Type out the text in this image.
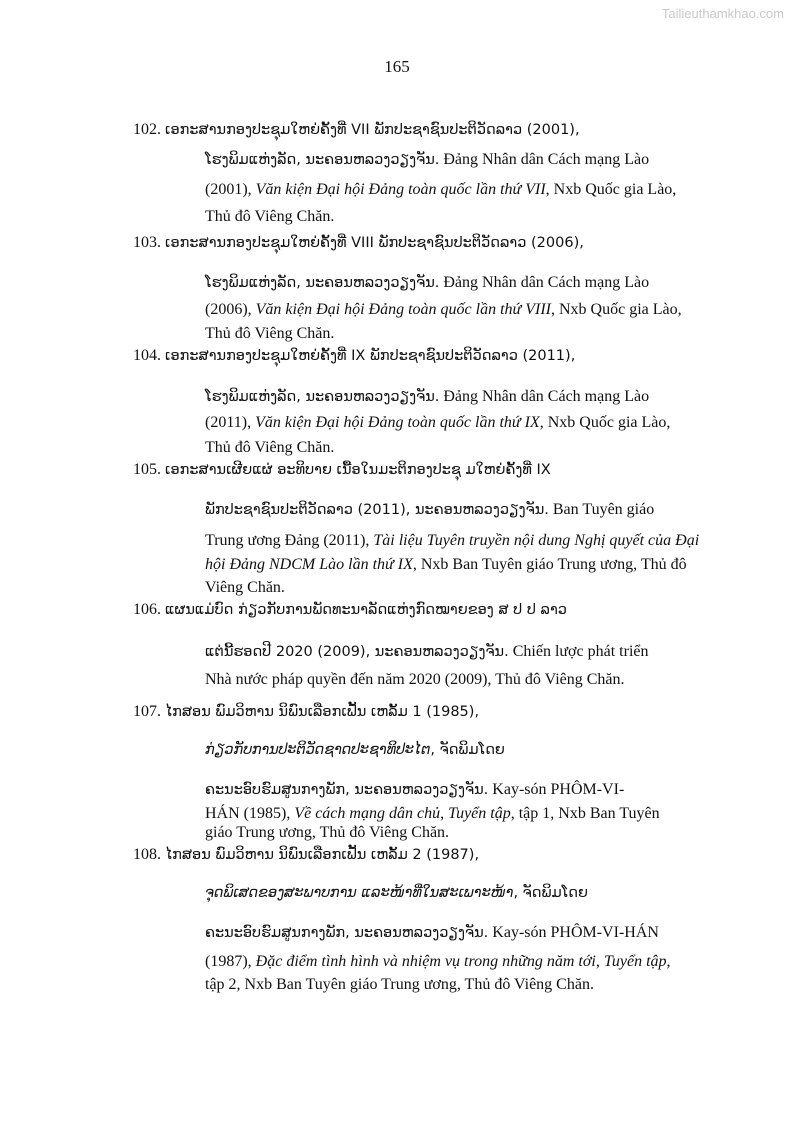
Tailieuthamkhao.com
165
102. ເອກະສານກອງປະຊຸມໃຫຍ່ຄັ້ງທີ່ VII ພັກປະຊາຊົນປະຕິວັດລາວ (2001),
ໂຮງພິມແຫ່ງລັດ, ນະຄອນຫລວງວຽງຈັນ. Đảng Nhân dân Cách mạng Lào
(2001), Văn kiện Đại hội Đảng toàn quốc lần thứ VII, Nxb Quốc gia Lào,
Thủ đô Viêng Chăn.
103. ເອກະສານກອງປະຊຸມໃຫຍ່ຄັ້ງທີ່ VIII ພັກປະຊາຊົນປະຕິວັດລາວ (2006),
ໂຮງພິມແຫ່ງລັດ, ນະຄອນຫລວງວຽງຈັນ. Đảng Nhân dân Cách mạng Lào
(2006), Văn kiện Đại hội Đảng toàn quốc lần thứ VIII, Nxb Quốc gia Lào,
Thủ đô Viêng Chăn.
104. ເອກະສານກອງປະຊຸມໃຫຍ່ຄັ້ງທີ່ IX ພັກປະຊາຊົນປະຕິວັດລາວ (2011),
ໂຮງພິມແຫ່ງລັດ, ນະຄອນຫລວງວຽງຈັນ. Đảng Nhân dân Cách mạng Lào
(2011), Văn kiện Đại hội Đảng toàn quốc lần thứ IX, Nxb Quốc gia Lào,
Thủ đô Viêng Chăn.
105. ເອກະສານເຜີຍແຜ່ ອະທິບາຍ ເນື້ອໃນມະຕິກອງປະຊຸ ມໃຫຍ່ຄັ້ງທີ່ IX
ພັກປະຊາຊົນປະຕິວັດລາວ (2011), ນະຄອນຫລວງວຽງຈັນ. Ban Tuyên giáo
Trung ương Đảng (2011), Tài liệu Tuyên truyền nội dung Nghị quyết của Đại
hội Đảng NDCM Lào lần thứ IX, Nxb Ban Tuyên giáo Trung ương, Thủ đô
Viêng Chăn.
106. ແຜນແມ່ບົດ ກ່ຽວກັບການພັດທະນາລັດແຫ່ງກົດໝາຍຂອງ ສ ປ ປ ລາວ
ແຕ່ນີ້ຮອດປີ 2020 (2009), ນະຄອນຫລວງວຽງຈັນ. Chiến lược phát triển
Nhà nước pháp quyền đến năm 2020 (2009), Thủ đô Viêng Chăn.
107. ໄກສອນ ພົມວິຫານ ນິພົນເລືອກເຟັ້ນ ເຫລັ້ມ 1 (1985),
ກ່ຽວກັບການປະຕິວັດຊາດປະຊາທິປະໄຕ, ຈັດພິມໂດຍ
ຄະນະອົບຮົມສູນກາງພັກ, ນະຄອນຫລວງວຽງຈັນ. Kay-són PHÔM-VI-
HÁN (1985), Về cách mạng dân chủ, Tuyển tập, tập 1, Nxb Ban Tuyên
giáo Trung ương, Thủ đô Viêng Chăn.
108. ໄກສອນ ພົມວິຫານ ນິພົນເລືອກເຟັ້ນ ເຫລັ້ມ 2 (1987),
ຈຸດພິເສດຂອງສະພາບການ ແລະໜ້າທີ່ໃນສະເພາະໜ້າ, ຈັດພິມໂດຍ
ຄະນະອົບຮົມສູນກາງພັກ, ນະຄອນຫລວງວຽງຈັນ. Kay-són PHÔM-VI-HÁN
(1987), Đặc điểm tình hình và nhiệm vụ trong những năm tới, Tuyển tập,
tập 2, Nxb Ban Tuyên giáo Trung ương, Thủ đô Viêng Chăn.
